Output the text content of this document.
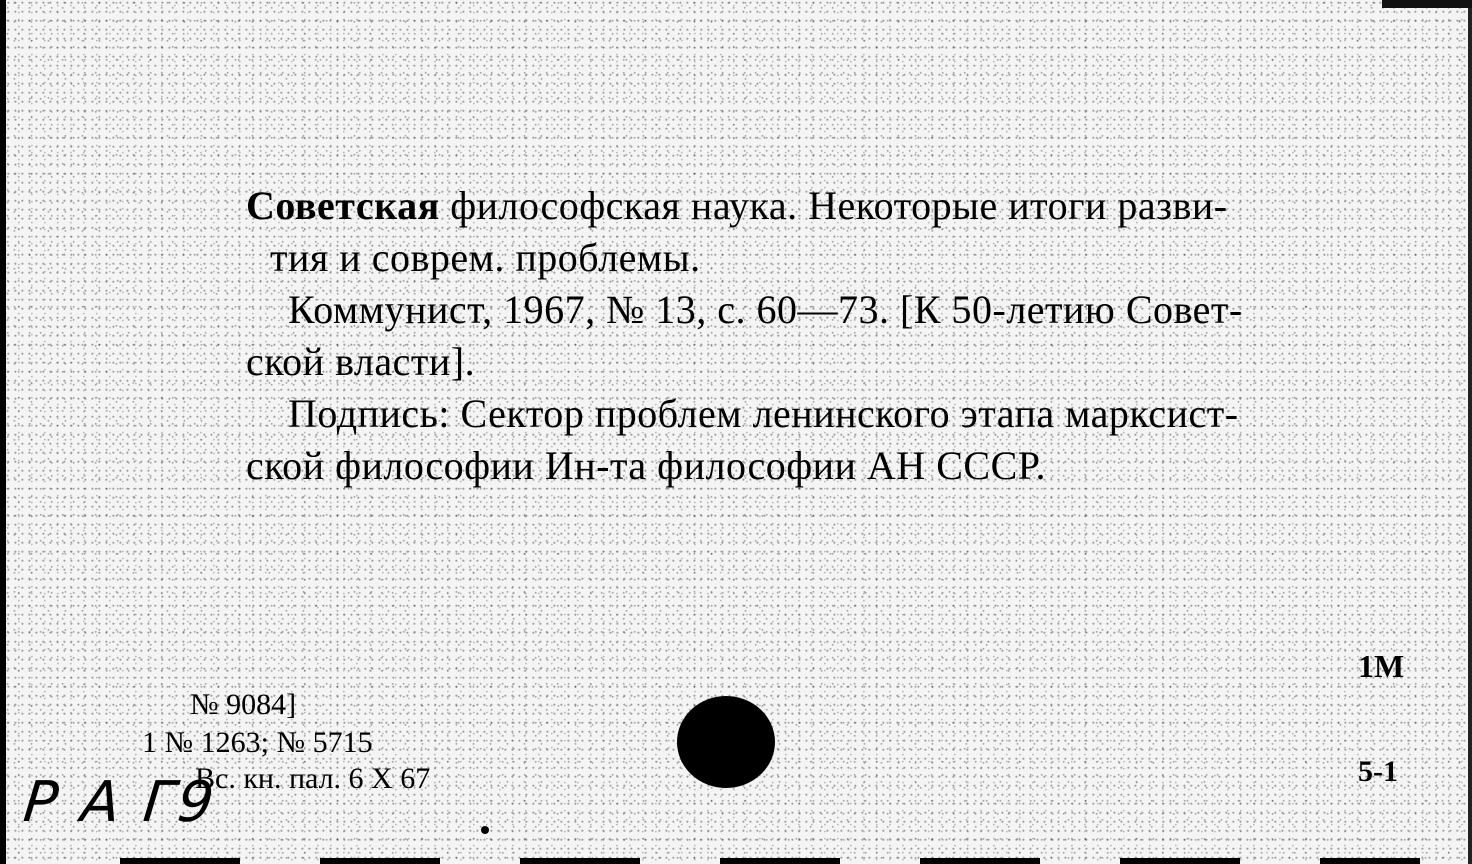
Советская философская наука. Некоторые итоги разви-
тия и соврем. проблемы.
Коммунист, 1967, № 13, с. 60—73. [К 50-летию Совет-
ской власти].
Подпись: Сектор проблем ленинского этапа марксист-
ской философии Ин-та философии АН СССР.
№ 9084]
1 № 1263; № 5715
Вс. кн. пал. 6 X 67
1М
5-1
Р А Г9
